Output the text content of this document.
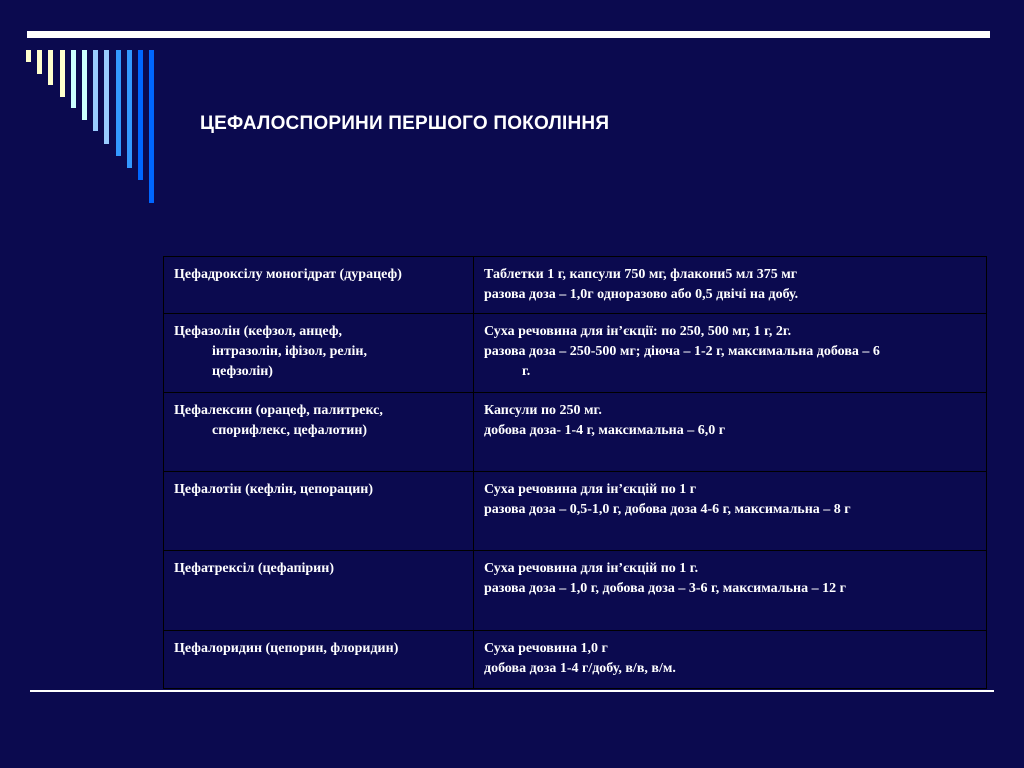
ЦЕФАЛОСПОРИНИ ПЕРШОГО ПОКОЛІННЯ
Цефадроксілу моногідрат (дурацеф)	Таблетки 1 г, капсули 750 мг, флакони5 мл 375 мг
разова доза – 1,0г одноразово або 0,5 двічі на добу.

Цефазолін (кефзол, анцеф,
інтразолін, іфізол, релін,
цефзолін)	Суха речовина для ін’єкції: по 250, 500 мг, 1 г, 2г.
разова доза – 250-500 мг; діюча – 1-2 г, максимальна добова – 6
г.

Цефалексин (орацеф, палитрекс,
спорифлекс, цефалотин)	Капсули по 250 мг.
добова доза- 1-4 г, максимальна – 6,0 г

Цефалотін (кефлін, цепорацин)	Суха речовина для ін’єкцій по 1 г
разова доза – 0,5-1,0 г, добова доза 4-6 г, максимальна – 8 г

Цефатрексіл (цефапірин)	Суха речовина для ін’єкцій по 1 г.
разова доза – 1,0 г, добова доза – 3-6 г, максимальна – 12 г

Цефалоридин (цепорин, флоридин)	Суха речовина 1,0 г
добова доза 1-4 г/добу, в/в, в/м.
